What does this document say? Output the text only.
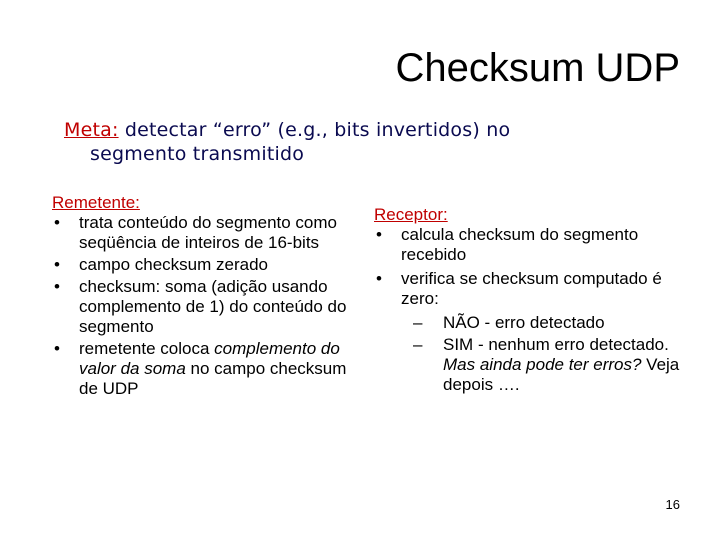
Checksum UDP
Meta: detectar “erro” (e.g., bits invertidos) no
segmento transmitido
Remetente:
• trata conteúdo do segmento como seqüência de inteiros de 16-bits
• campo checksum zerado
• checksum: soma (adição usando complemento de 1) do conteúdo do segmento
• remetente coloca complemento do valor da soma no campo checksum de UDP
Receptor:
• calcula checksum do segmento recebido
• verifica se checksum computado é zero:
– NÃO - erro detectado
– SIM - nenhum erro detectado. Mas ainda pode ter erros? Veja depois ….
16
